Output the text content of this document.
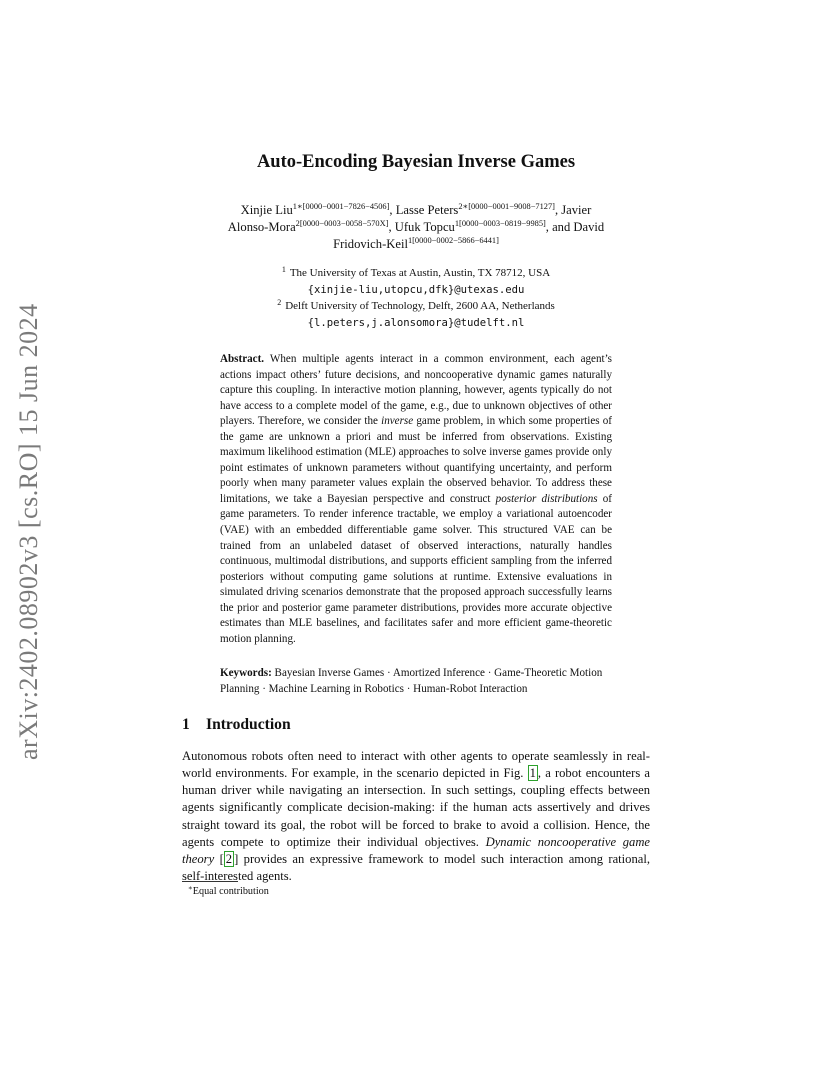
arXiv:2402.08902v3 [cs.RO] 15 Jun 2024
Auto-Encoding Bayesian Inverse Games
Xinjie Liu$^{1∗[0000-0001-7826-4506]}$, Lasse Peters$^{2∗[0000-0001-9008-7127]}$, Javier
Alonso-Mora$^{2[0000-0003-0058-570X]}$, Ufuk Topcu$^{1[0000-0003-0819-9985]}$, and David
Fridovich-Keil$^{1[0000-0002-5866-6441]}$
$^1$ The University of Texas at Austin, Austin, TX 78712, USA
{xinjie-liu,utopcu,dfk}@utexas.edu
$^2$ Delft University of Technology, Delft, 2600 AA, Netherlands
{l.peters,j.alonsomora}@tudelft.nl
Abstract. When multiple agents interact in a common environment, each agent’s actions impact others’ future decisions, and noncooperative dynamic games naturally capture this coupling. In interactive motion planning, however, agents typically do not have access to a complete model of the game, e.g., due to unknown objectives of other players. Therefore, we consider the inverse game problem, in which some properties of the game are unknown a priori and must be inferred from observations. Existing maximum likelihood estimation (MLE) approaches to solve inverse games provide only point estimates of unknown parameters without quantifying uncertainty, and perform poorly when many parameter values explain the observed behavior. To address these limitations, we take a Bayesian perspective and construct posterior distributions of game parameters. To render inference tractable, we employ a variational autoencoder (VAE) with an embedded differentiable game solver. This structured VAE can be trained from an unlabeled dataset of observed interactions, naturally handles continuous, multimodal distributions, and supports efficient sampling from the inferred posteriors without computing game solutions at runtime. Extensive evaluations in simulated driving scenarios demonstrate that the proposed approach successfully learns the prior and posterior game parameter distributions, provides more accurate objective estimates than MLE baselines, and facilitates safer and more efficient game-theoretic motion planning.
Keywords: Bayesian Inverse Games · Amortized Inference · Game-Theoretic Motion Planning · Machine Learning in Robotics · Human-Robot Interaction
1 Introduction
Autonomous robots often need to interact with other agents to operate seamlessly in real-world environments. For example, in the scenario depicted in Fig. 1 , a robot encounters a human driver while navigating an intersection. In such settings, coupling effects between agents significantly complicate decision-making: if the human acts assertively and drives straight toward its goal, the robot will be forced to brake to avoid a collision. Hence, the agents compete to optimize their individual objectives. Dynamic noncooperative game theory [ 2 ] provides an expressive framework to model such interaction among rational, self-interested agents.
∗Equal contribution
